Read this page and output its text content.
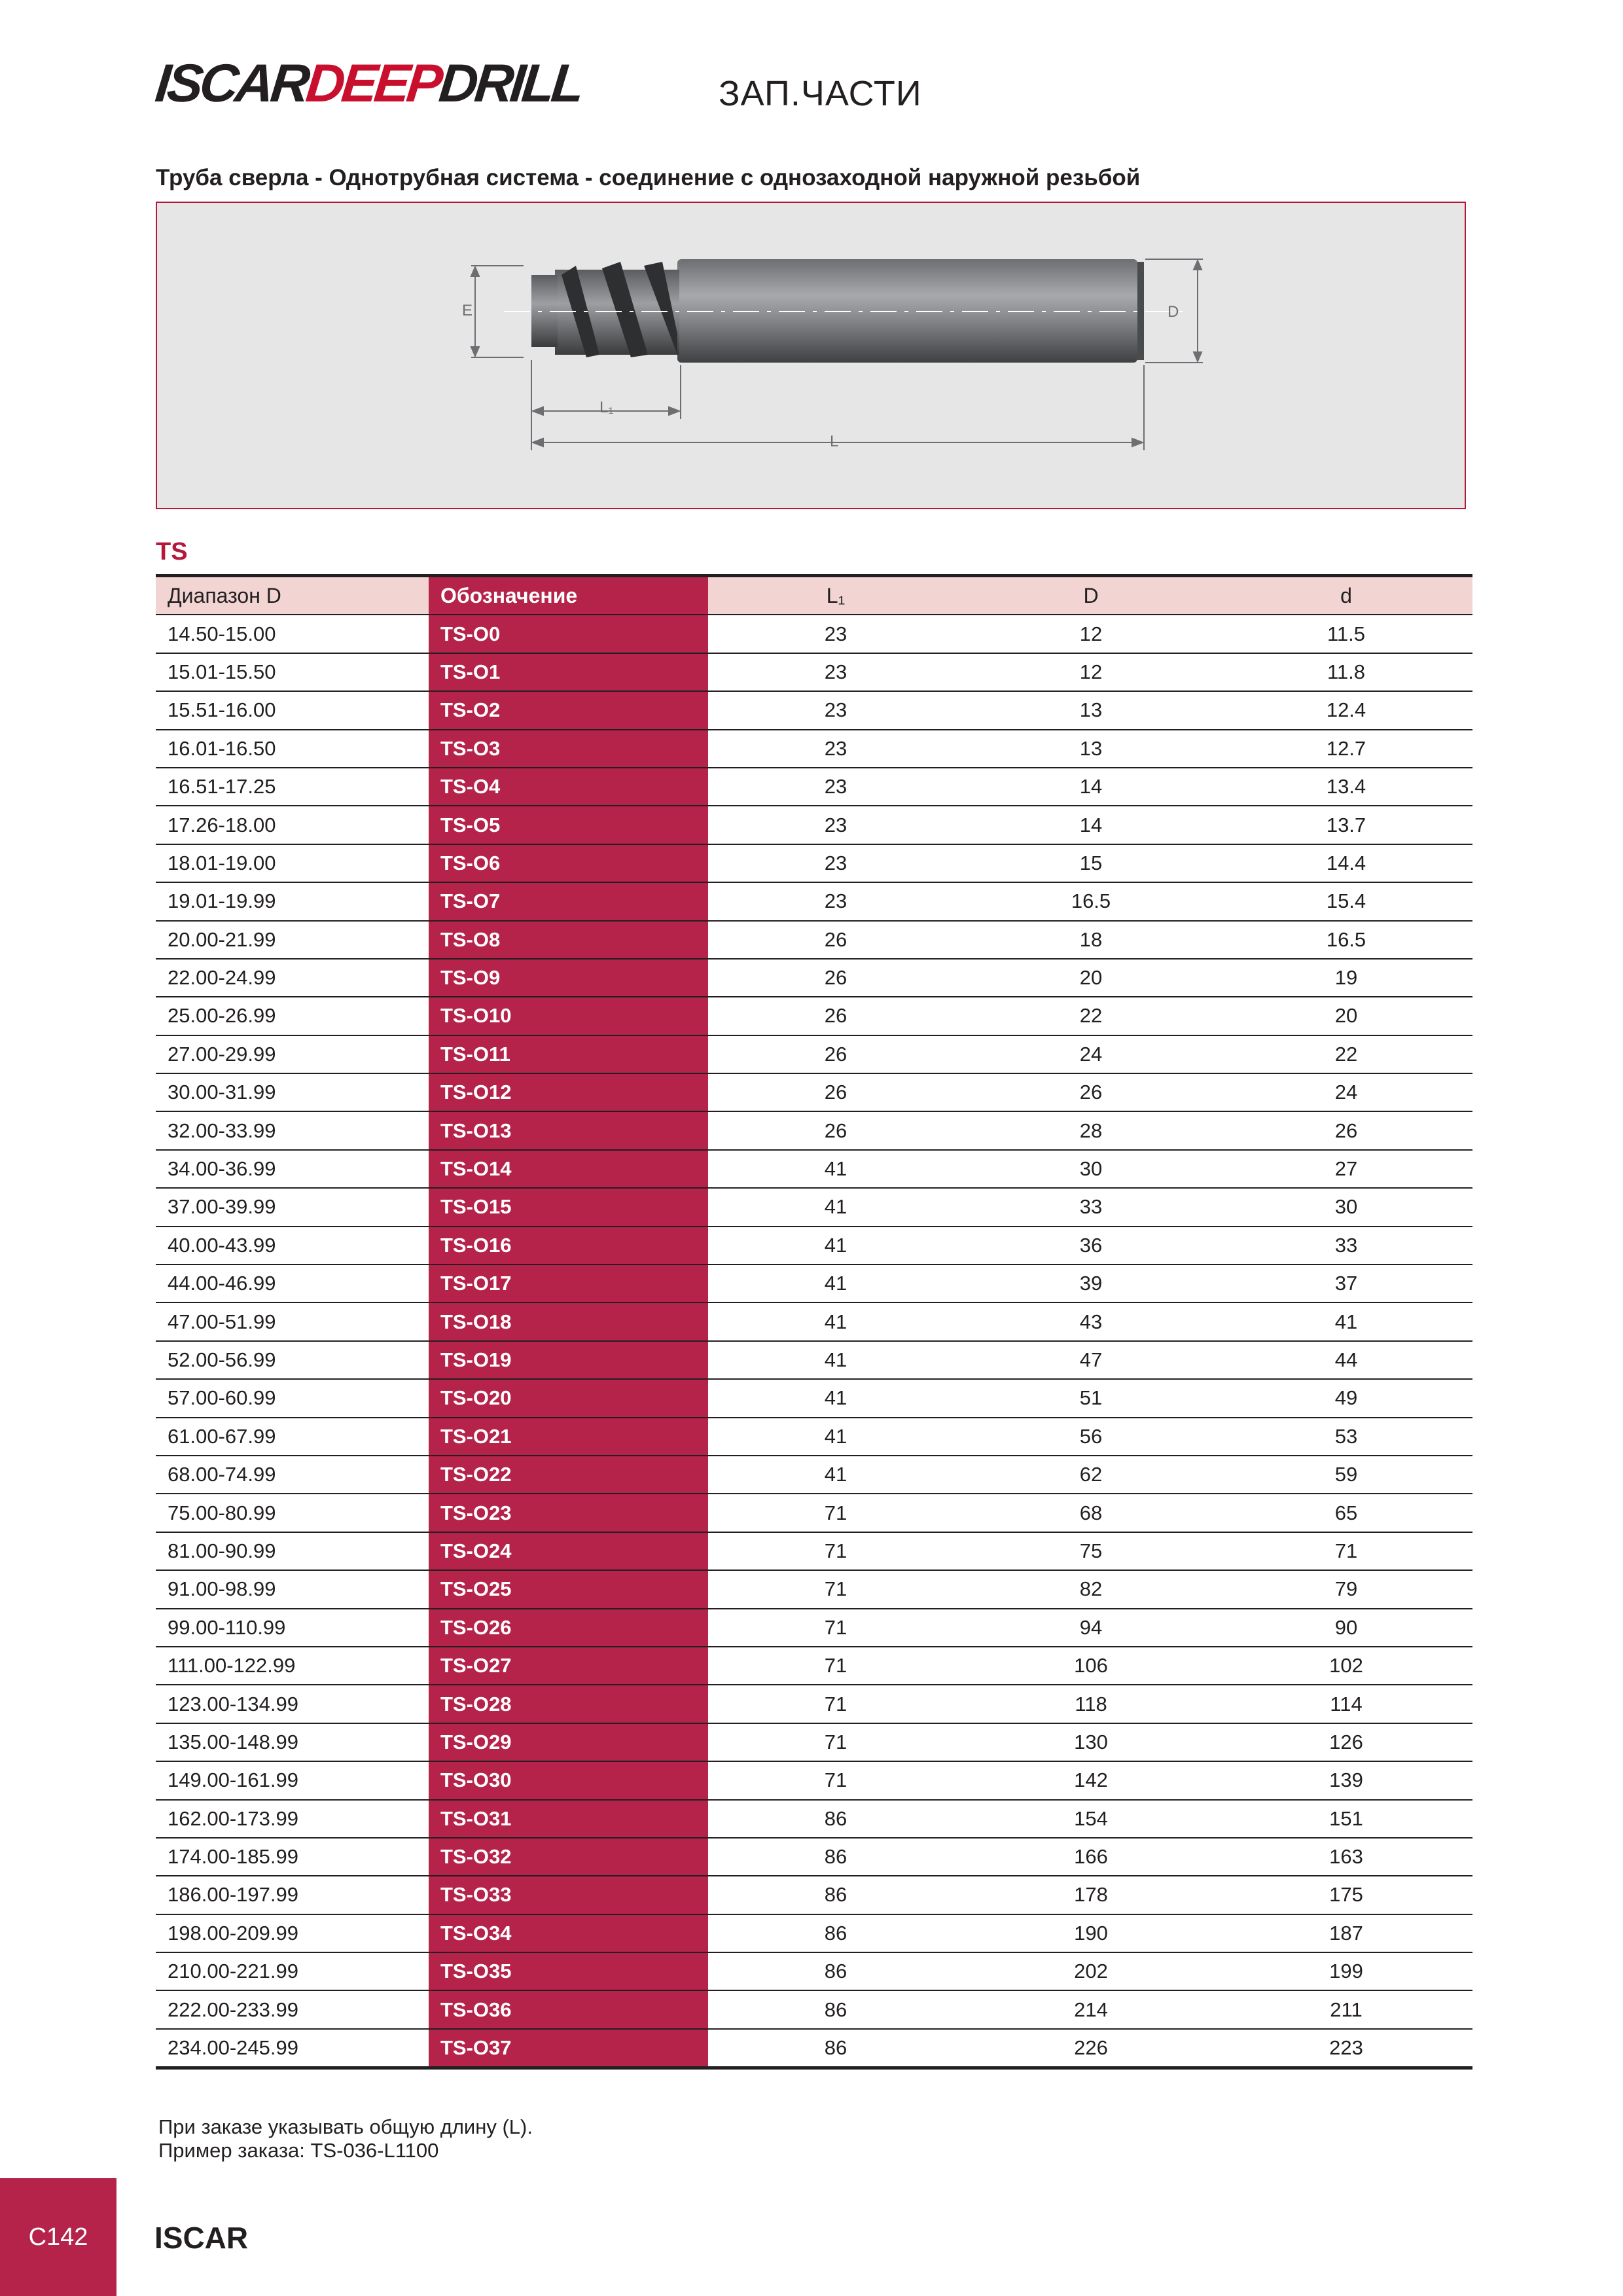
ISCAR
DEEP
DRILL	ЗАП.ЧАСТИ
Труба сверла - Однотрубная система - соединение с однозаходной наружной резьбой
E	D
L₁
L
TS
Диапазон D	Обозначение	L₁	D	d
14.50-15.00	TS-O0	23	12	11.5
15.01-15.50	TS-O1	23	12	11.8
15.51-16.00	TS-O2	23	13	12.4
16.01-16.50	TS-O3	23	13	12.7
16.51-17.25	TS-O4	23	14	13.4
17.26-18.00	TS-O5	23	14	13.7
18.01-19.00	TS-O6	23	15	14.4
19.01-19.99	TS-O7	23	16.5	15.4
20.00-21.99	TS-O8	26	18	16.5
22.00-24.99	TS-O9	26	20	19
25.00-26.99	TS-O10	26	22	20
27.00-29.99	TS-O11	26	24	22
30.00-31.99	TS-O12	26	26	24
32.00-33.99	TS-O13	26	28	26
34.00-36.99	TS-O14	41	30	27
37.00-39.99	TS-O15	41	33	30
40.00-43.99	TS-O16	41	36	33
44.00-46.99	TS-O17	41	39	37
47.00-51.99	TS-O18	41	43	41
52.00-56.99	TS-O19	41	47	44
57.00-60.99	TS-O20	41	51	49
61.00-67.99	TS-O21	41	56	53
68.00-74.99	TS-O22	41	62	59
75.00-80.99	TS-O23	71	68	65
81.00-90.99	TS-O24	71	75	71
91.00-98.99	TS-O25	71	82	79
99.00-110.99	TS-O26	71	94	90
111.00-122.99	TS-O27	71	106	102
123.00-134.99	TS-O28	71	118	114
135.00-148.99	TS-O29	71	130	126
149.00-161.99	TS-O30	71	142	139
162.00-173.99	TS-O31	86	154	151
174.00-185.99	TS-O32	86	166	163
186.00-197.99	TS-O33	86	178	175
198.00-209.99	TS-O34	86	190	187
210.00-221.99	TS-O35	86	202	199
222.00-233.99	TS-O36	86	214	211
234.00-245.99	TS-O37	86	226	223
При заказе указывать общую длину (L).
Пример заказа: TS-036-L1100
C142 ISCAR
